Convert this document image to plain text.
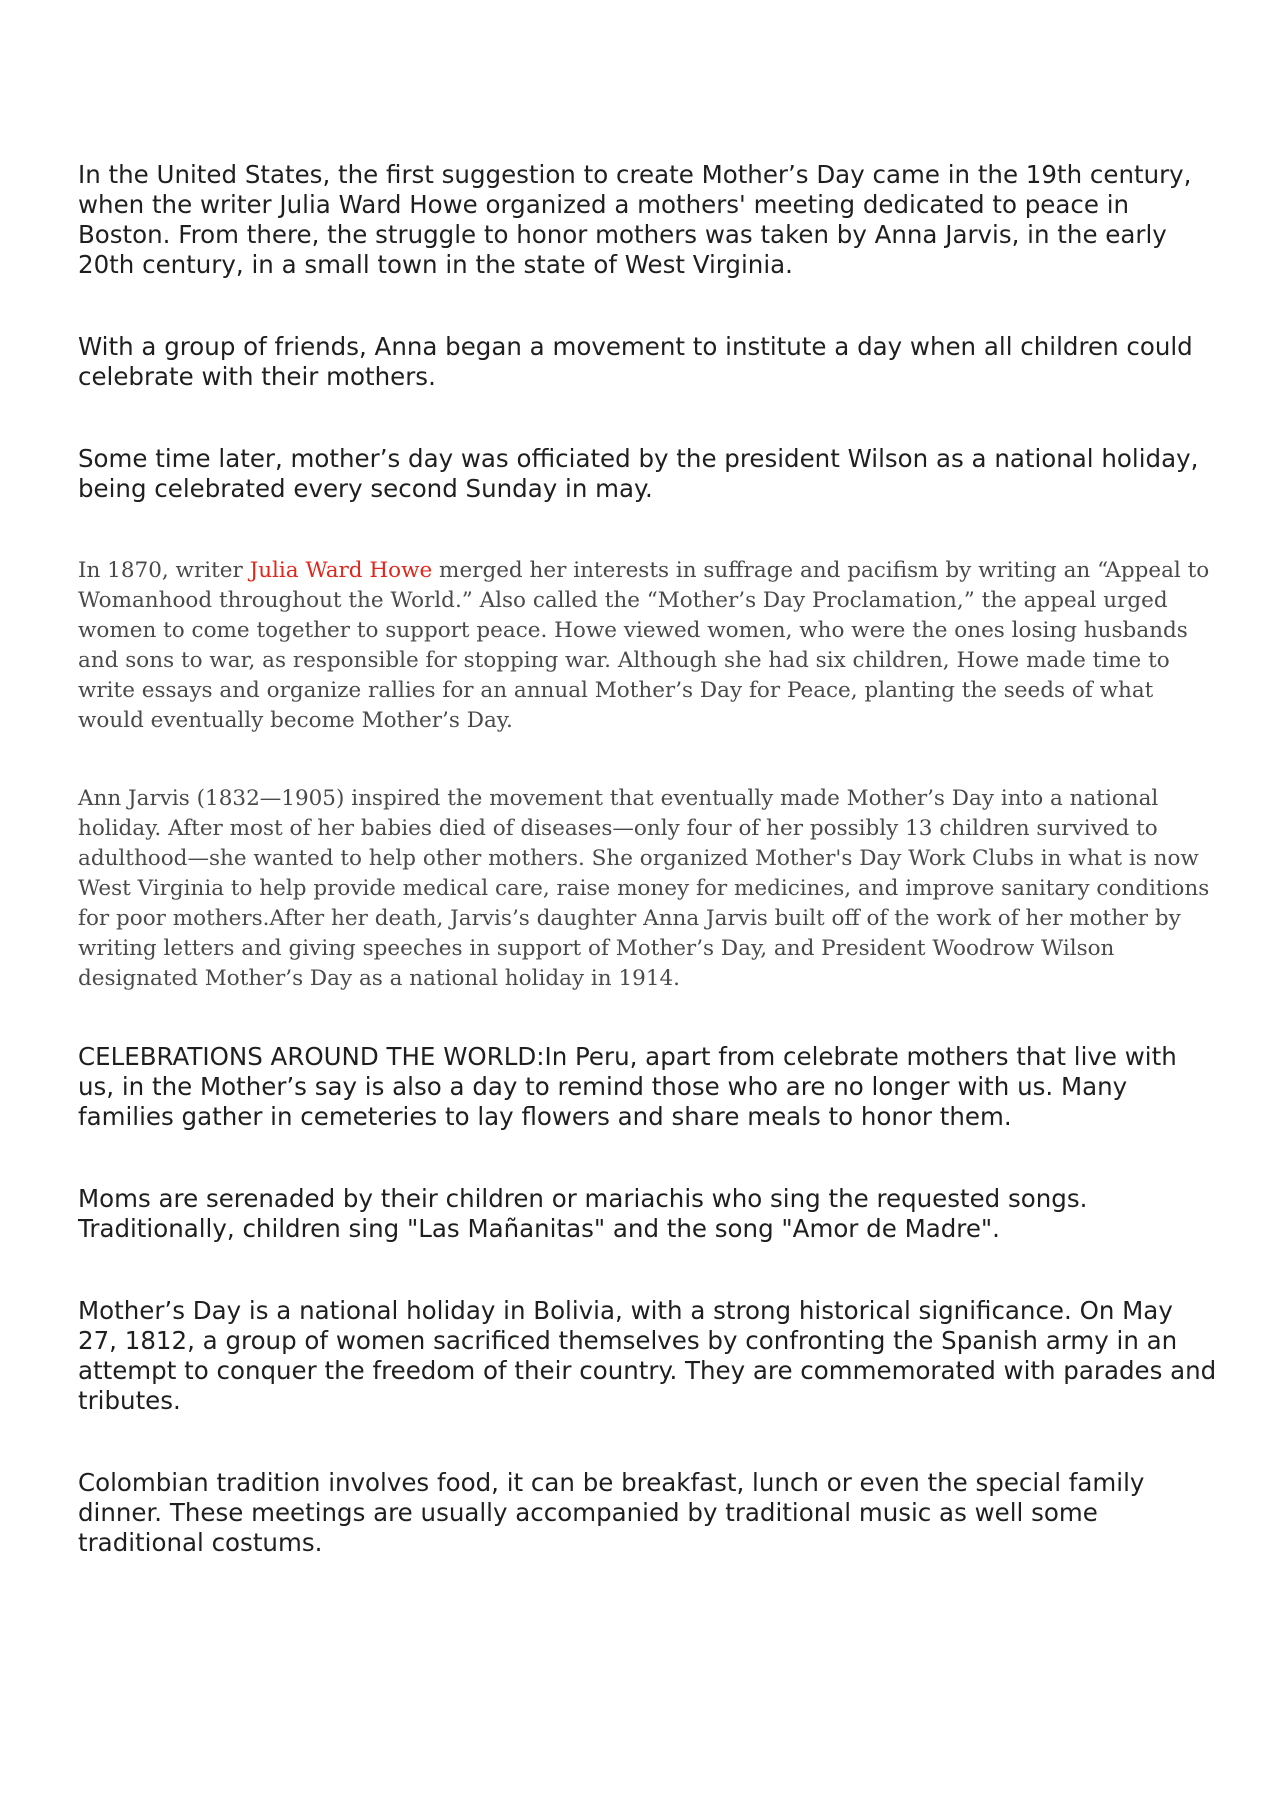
In the United States, the first suggestion to create Mother’s Day came in the 19th century, when the writer Julia Ward Howe organized a mothers' meeting dedicated to peace in Boston. From there, the struggle to honor mothers was taken by Anna Jarvis, in the early 20th century, in a small town in the state of West Virginia.

With a group of friends, Anna began a movement to institute a day when all children could celebrate with their mothers.

Some time later, mother’s day was officiated by the president Wilson as a national holiday, being celebrated every second Sunday in may.

In 1870, writer Julia Ward Howe merged her interests in suffrage and pacifism by writing an “Appeal to Womanhood throughout the World.” Also called the “Mother’s Day Proclamation,” the appeal urged women to come together to support peace. Howe viewed women, who were the ones losing husbands and sons to war, as responsible for stopping war. Although she had six children, Howe made time to write essays and organize rallies for an annual Mother’s Day for Peace, planting the seeds of what would eventually become Mother’s Day.

Ann Jarvis (1832—1905) inspired the movement that eventually made Mother’s Day into a national holiday. After most of her babies died of diseases—only four of her possibly 13 children survived to adulthood—she wanted to help other mothers. She organized Mother's Day Work Clubs in what is now West Virginia to help provide medical care, raise money for medicines, and improve sanitary conditions for poor mothers.After her death, Jarvis’s daughter Anna Jarvis built off of the work of her mother by writing letters and giving speeches in support of Mother’s Day, and President Woodrow Wilson designated Mother’s Day as a national holiday in 1914.

CELEBRATIONS AROUND THE WORLD:In Peru, apart from celebrate mothers that live with us, in the Mother’s say is also a day to remind those who are no longer with us. Many families gather in cemeteries to lay flowers and share meals to honor them.

Moms are serenaded by their children or mariachis who sing the requested songs. Traditionally, children sing "Las Mañanitas" and the song "Amor de Madre".

Mother’s Day is a national holiday in Bolivia, with a strong historical significance. On May 27, 1812, a group of women sacrificed themselves by confronting the Spanish army in an attempt to conquer the freedom of their country. They are commemorated with parades and tributes.

Colombian tradition involves food, it can be breakfast, lunch or even the special family dinner. These meetings are usually accompanied by traditional music as well some traditional costums.
